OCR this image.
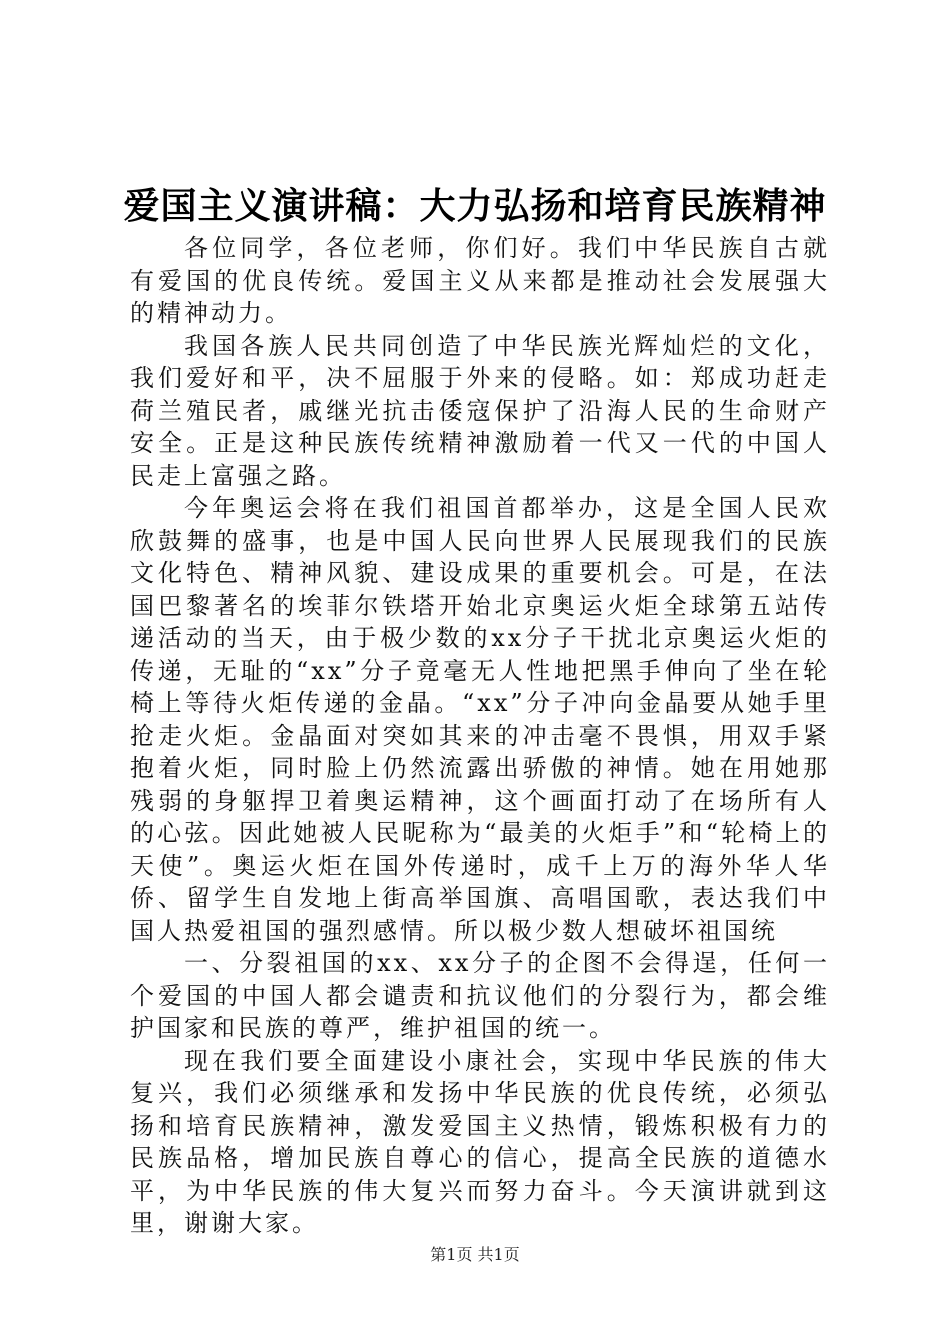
爱国主义演讲稿：大力弘扬和培育民族精神

各位同学，各位老师，你们好。我们中华民族自古就有爱国的优良传统。爱国主义从来都是推动社会发展强大的精神动力。

我国各族人民共同创造了中华民族光辉灿烂的文化，我们爱好和平，决不屈服于外来的侵略。如：郑成功赶走荷兰殖民者，戚继光抗击倭寇保护了沿海人民的生命财产安全。正是这种民族传统精神激励着一代又一代的中国人民走上富强之路。

今年奥运会将在我们祖国首都举办，这是全国人民欢欣鼓舞的盛事，也是中国人民向世界人民展现我们的民族文化特色、精神风貌、建设成果的重要机会。可是，在法国巴黎著名的埃菲尔铁塔开始北京奥运火炬全球第五站传递活动的当天，由于极少数的xx分子干扰北京奥运火炬的传递，无耻的“xx”分子竟毫无人性地把黑手伸向了坐在轮椅上等待火炬传递的金晶。“xx”分子冲向金晶要从她手里抢走火炬。金晶面对突如其来的冲击毫不畏惧，用双手紧抱着火炬，同时脸上仍然流露出骄傲的神情。她在用她那残弱的身躯捍卫着奥运精神，这个画面打动了在场所有人的心弦。因此她被人民昵称为“最美的火炬手”和“轮椅上的天使”。奥运火炬在国外传递时，成千上万的海外华人华侨、留学生自发地上街高举国旗、高唱国歌，表达我们中国人热爱祖国的强烈感情。所以极少数人想破坏祖国统

一、分裂祖国的xx、xx分子的企图不会得逞，任何一个爱国的中国人都会谴责和抗议他们的分裂行为，都会维护国家和民族的尊严，维护祖国的统一。

现在我们要全面建设小康社会，实现中华民族的伟大复兴，我们必须继承和发扬中华民族的优良传统，必须弘扬和培育民族精神，激发爱国主义热情，锻炼积极有力的民族品格，增加民族自尊心的信心，提高全民族的道德水平，为中华民族的伟大复兴而努力奋斗。今天演讲就到这里，谢谢大家。

第1页 共1页
